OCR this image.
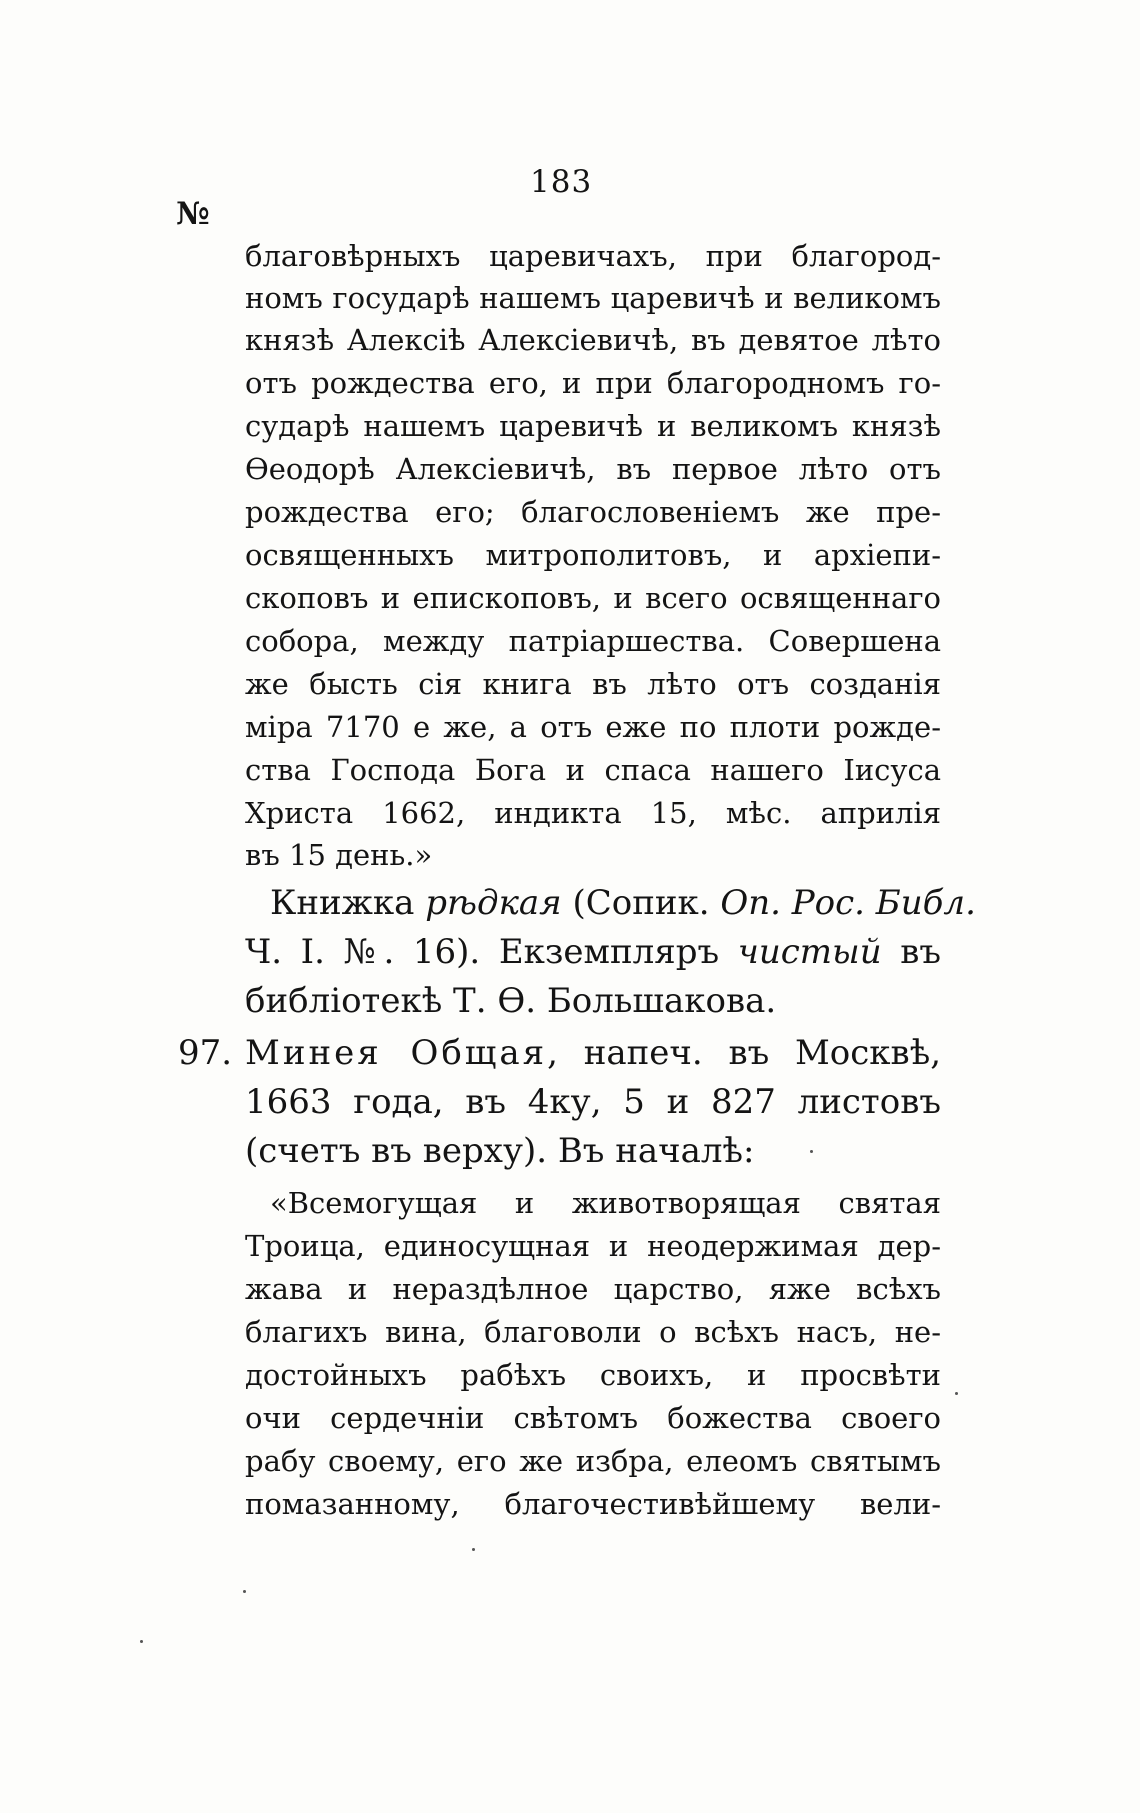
183
№
благовѣрныхъ царевичахъ, при благород-
номъ государѣ нашемъ царевичѣ и великомъ
князѣ Алексіѣ Алексіевичѣ, въ девятое лѣто
отъ рождества его, и при благородномъ го-
сударѣ нашемъ царевичѣ и великомъ князѣ
Ѳеодорѣ Алексіевичѣ, въ первое лѣто отъ
рождества его; благословеніемъ же пре-
освященныхъ митрополитовъ, и архіепи-
скоповъ и епископовъ, и всего освященнаго
собора, между патріаршества. Совершена
же бысть сія книга въ лѣто отъ созданія
міра 7170 е же, а отъ еже по плоти рожде-
ства Господа Бога и спаса нашего Іисуса
Христа 1662, индикта 15, мѣс. априлія
въ 15 день.»
Книжка рѣдкая (Сопик. Оп. Рос. Библ.
Ч. I. №. 16). Екземпляръ чистый въ
библіотекѣ Т. Ѳ. Большакова.
97. Минея Общая, напеч. въ Москвѣ,
1663 года, въ 4ку, 5 и 827 листовъ
(счетъ въ верху). Въ началѣ:
«Всемогущая и животворящая святая
Троица, единосущная и неодержимая дер-
жава и нераздѣлное царство, яже всѣхъ
благихъ вина, благоволи о всѣхъ насъ, не-
достойныхъ рабѣхъ своихъ, и просвѣти
очи сердечніи свѣтомъ божества своего
рабу своему, его же избра, елеомъ святымъ
помазанному, благочестивѣйшему вели-
